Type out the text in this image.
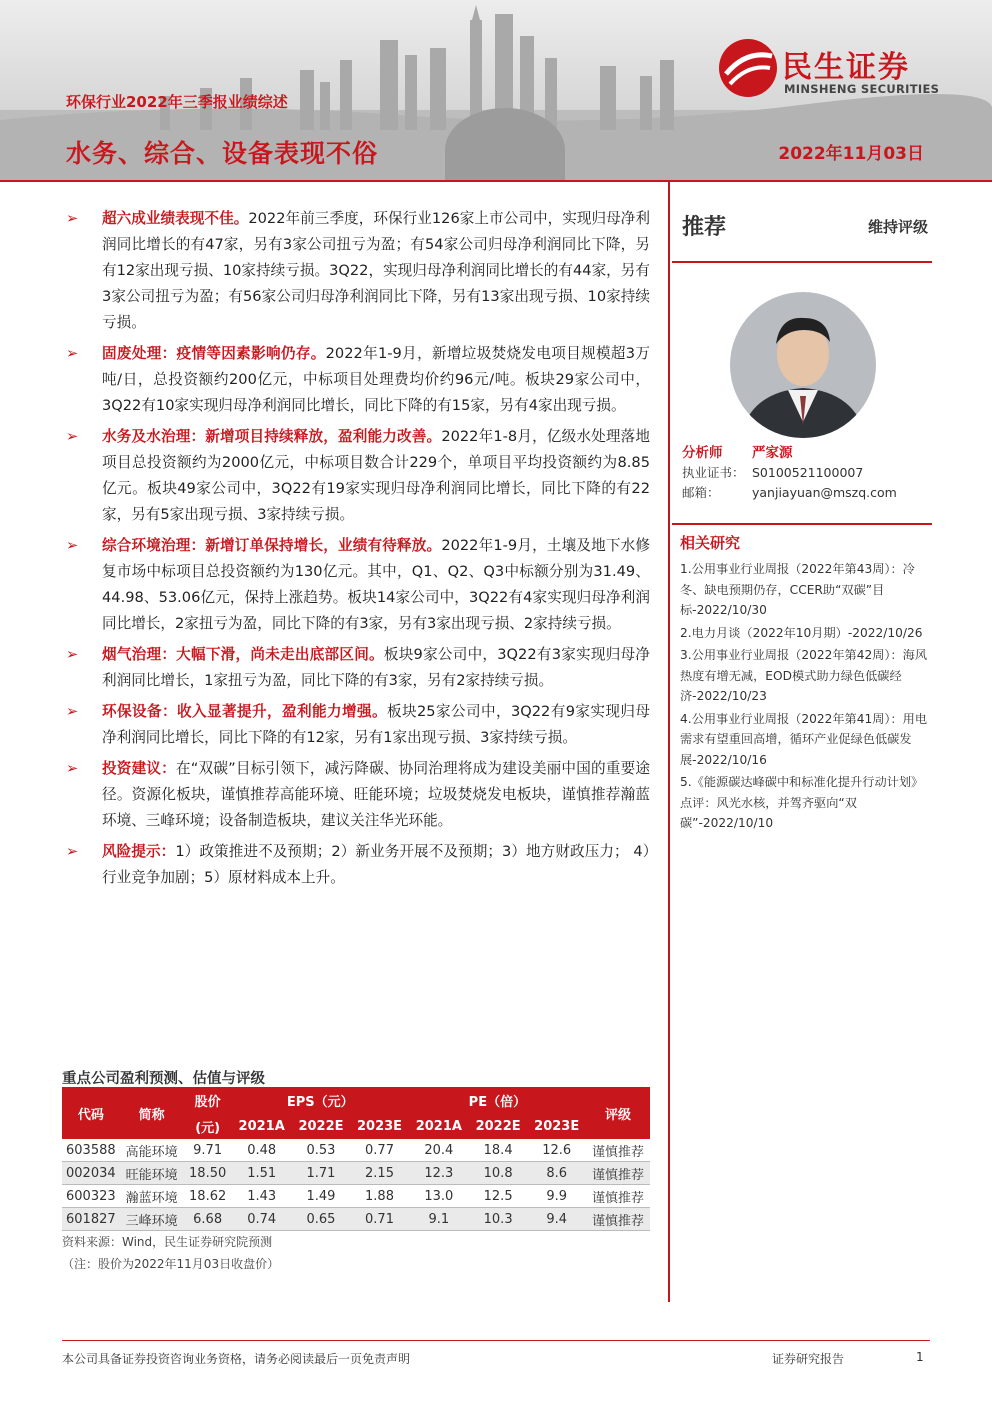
民生证券
MINSHENG SECURITIES
环保行业2022年三季报业绩综述
水务、综合、设备表现不俗	2022年11月03日
➢ 超六成业绩表现不佳。2022年前三季度，环保行业126家上市公司中，实现归母净利润同比增长的有47家，另有3家公司扭亏为盈；有54家公司归母净利润同比下降，另有12家出现亏损、10家持续亏损。3Q22，实现归母净利润同比增长的有44家，另有3家公司扭亏为盈；有56家公司归母净利润同比下降，另有13家出现亏损、10家持续亏损。
➢ 固废处理：疫情等因素影响仍存。2022年1-9月，新增垃圾焚烧发电项目规模超3万吨/日，总投资额约200亿元，中标项目处理费均价约96元/吨。板块29家公司中，3Q22有10家实现归母净利润同比增长，同比下降的有15家，另有4家出现亏损。
➢ 水务及水治理：新增项目持续释放，盈利能力改善。2022年1-8月，亿级水处理落地项目总投资额约为2000亿元，中标项目数合计229个，单项目平均投资额约为8.85亿元。板块49家公司中，3Q22有19家实现归母净利润同比增长，同比下降的有22家，另有5家出现亏损、3家持续亏损。
➢ 综合环境治理：新增订单保持增长，业绩有待释放。2022年1-9月，土壤及地下水修复市场中标项目总投资额约为130亿元。其中，Q1、Q2、Q3中标额分别为31.49、44.98、53.06亿元，保持上涨趋势。板块14家公司中，3Q22有4家实现归母净利润同比增长，2家扭亏为盈，同比下降的有3家，另有3家出现亏损、2家持续亏损。
➢ 烟气治理：大幅下滑，尚未走出底部区间。板块9家公司中，3Q22有3家实现归母净利润同比增长，1家扭亏为盈，同比下降的有3家，另有2家持续亏损。
➢ 环保设备：收入显著提升，盈利能力增强。板块25家公司中，3Q22有9家实现归母净利润同比增长，同比下降的有12家，另有1家出现亏损、3家持续亏损。
➢ 投资建议：在“双碳”目标引领下，减污降碳、协同治理将成为建设美丽中国的重要途径。资源化板块，谨慎推荐高能环境、旺能环境；垃圾焚烧发电板块，谨慎推荐瀚蓝环境、三峰环境；设备制造板块，建议关注华光环能。
➢ 风险提示：1）政策推进不及预期；2）新业务开展不及预期；3）地方财政压力； 4）行业竞争加剧；5）原材料成本上升。
推荐	维持评级
分析师 严家源
执业证书： S0100521100007
邮箱：	yanjiayuan@mszq.com
相关研究
1.公用事业行业周报（2022年第43周）：冷冬、缺电预期仍存，CCER助“双碳”目标-2022/10/30
2.电力月谈（2022年10月期）-2022/10/26
3.公用事业行业周报（2022年第42周）：海风热度有增无减，EOD模式助力绿色低碳经济-2022/10/23
4.公用事业行业周报（2022年第41周）：用电需求有望重回高增，循环产业促绿色低碳发展-2022/10/16
5.《能源碳达峰碳中和标准化提升行动计划》点评：风光水核，并驾齐驱向“双碳”-2022/10/10
重点公司盈利预测、估值与评级
代码	简称	股价	EPS（元）			PE（倍）			评级
		(元)	2021A	2022E	2023E	2021A	2022E	2023E	
603588	高能环境	9.71	0.48	0.53	0.77	20.4	18.4	12.6	谨慎推荐
002034	旺能环境	18.50	1.51	1.71	2.15	12.3	10.8	8.6	谨慎推荐
600323	瀚蓝环境	18.62	1.43	1.49	1.88	13.0	12.5	9.9	谨慎推荐
601827	三峰环境	6.68	0.74	0.65	0.71	9.1	10.3	9.4	谨慎推荐
资料来源：Wind，民生证券研究院预测
（注：股价为2022年11月03日收盘价）
本公司具备证券投资咨询业务资格，请务必阅读最后一页免责声明	证券研究报告	1
